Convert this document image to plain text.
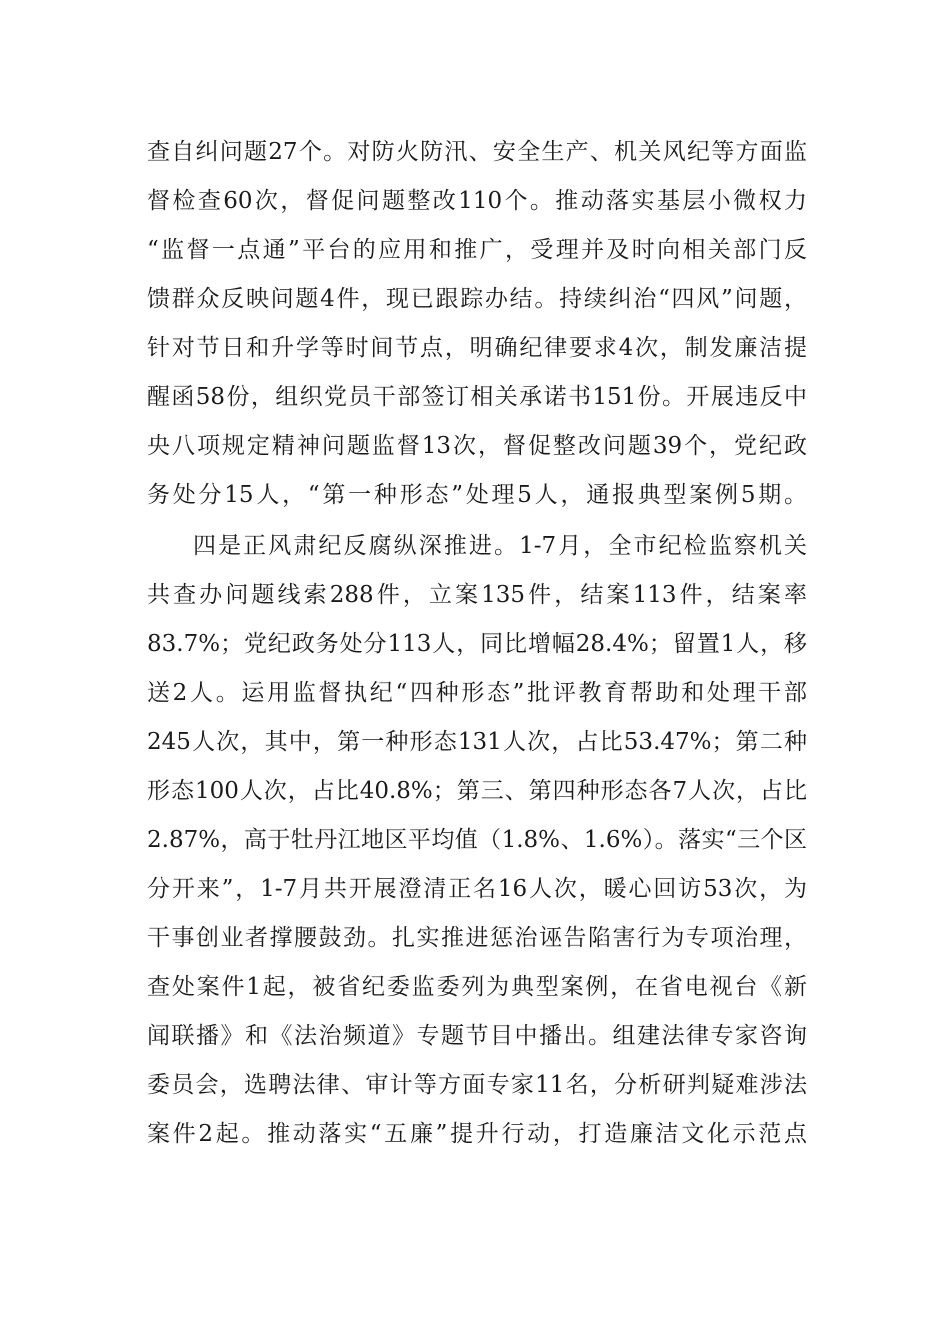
查自纠问题27个。对防火防汛、安全生产、机关风纪等方面监
督检查60次，督促问题整改110个。推动落实基层小微权力
“监督一点通”平台的应用和推广，受理并及时向相关部门反
馈群众反映问题4件，现已跟踪办结。持续纠治“四风”问题，
针对节日和升学等时间节点，明确纪律要求4次，制发廉洁提
醒函58份，组织党员干部签订相关承诺书151份。开展违反中
央八项规定精神问题监督13次，督促整改问题39个，党纪政
务处分15人，“第一种形态”处理5人，通报典型案例5期。
四是正风肃纪反腐纵深推进。1-7月，全市纪检监察机关
共查办问题线索288件，立案135件，结案113件，结案率
83.7%；党纪政务处分113人，同比增幅28.4%；留置1人，移
送2人。运用监督执纪“四种形态”批评教育帮助和处理干部
245人次，其中，第一种形态131人次，占比53.47%；第二种
形态100人次，占比40.8%；第三、第四种形态各7人次，占比
2.87%，高于牡丹江地区平均值（1.8%、1.6%）。落实“三个区
分开来”，1-7月共开展澄清正名16人次，暖心回访53次，为
干事创业者撑腰鼓劲。扎实推进惩治诬告陷害行为专项治理，
查处案件1起，被省纪委监委列为典型案例，在省电视台《新
闻联播》和《法治频道》专题节目中播出。组建法律专家咨询
委员会，选聘法律、审计等方面专家11名，分析研判疑难涉法
案件2起。推动落实“五廉”提升行动，打造廉洁文化示范点
